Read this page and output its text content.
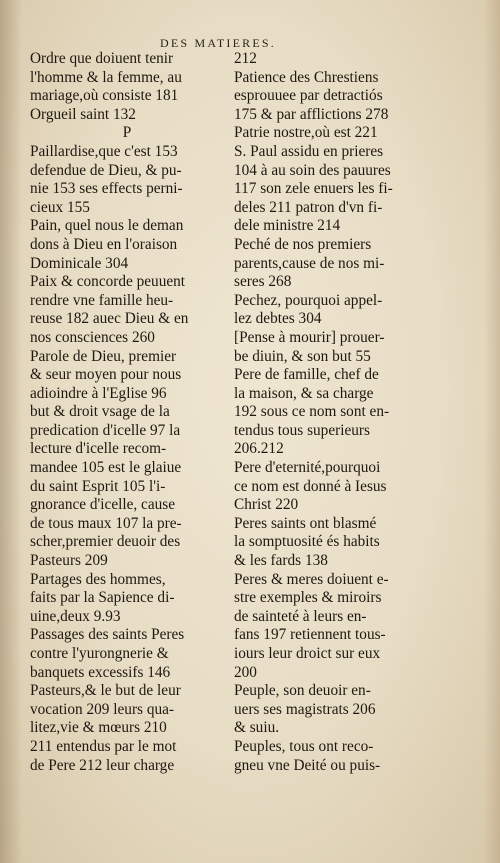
DES MATIERES.
Ordre que doiuent tenir
l'homme & la femme, au
mariage,où consiste 181
Orgueil saint 132
P
Paillardise,que c'est 153
defendue de Dieu, & pu-
nie 153 ses effects perni-
cieux 155
Pain, quel nous le deman
dons à Dieu en l'oraison
Dominicale 304
Paix & concorde peuuent
rendre vne famille heu-
reuse 182 auec Dieu & en
nos consciences 260
Parole de Dieu, premier
& seur moyen pour nous
adioindre à l'Eglise 96
but & droit vsage de la
predication d'icelle 97 la
lecture d'icelle recom-
mandee 105 est le glaiue
du saint Esprit 105 l'i-
gnorance d'icelle, cause
de tous maux 107 la pre-
scher,premier deuoir des
Pasteurs 209
Partages des hommes,
faits par la Sapience di-
uine,deux 9.93
Passages des saints Peres
contre l'yurongnerie &
banquets excessifs 146
Pasteurs,& le but de leur
vocation 209 leurs qua-
litez,vie & mœurs 210
211 entendus par le mot
de Pere 212 leur charge
212
Patience des Chrestiens
esprouuee par detractiós
175 & par afflictions 278
Patrie nostre,où est 221
S. Paul assidu en prieres
104 à au soin des pauures
117 son zele enuers les fi-
deles 211 patron d'vn fi-
dele ministre 214
Peché de nos premiers
parents,cause de nos mi-
seres 268
Pechez, pourquoi appel-
lez debtes 304
[Pense à mourir] prouer-
be diuin, & son but 55
Pere de famille, chef de
la maison, & sa charge
192 sous ce nom sont en-
tendus tous superieurs
206.212
Pere d'eternité,pourquoi
ce nom est donné à Iesus
Christ 220
Peres saints ont blasmé
la somptuosité és habits
& les fards 138
Peres & meres doiuent e-
stre exemples & miroirs
de sainteté à leurs en-
fans 197 retiennent tous-
iours leur droict sur eux
200
Peuple, son deuoir en-
uers ses magistrats 206
& suiu.
Peuples, tous ont reco-
gneu vne Deité ou puis-
